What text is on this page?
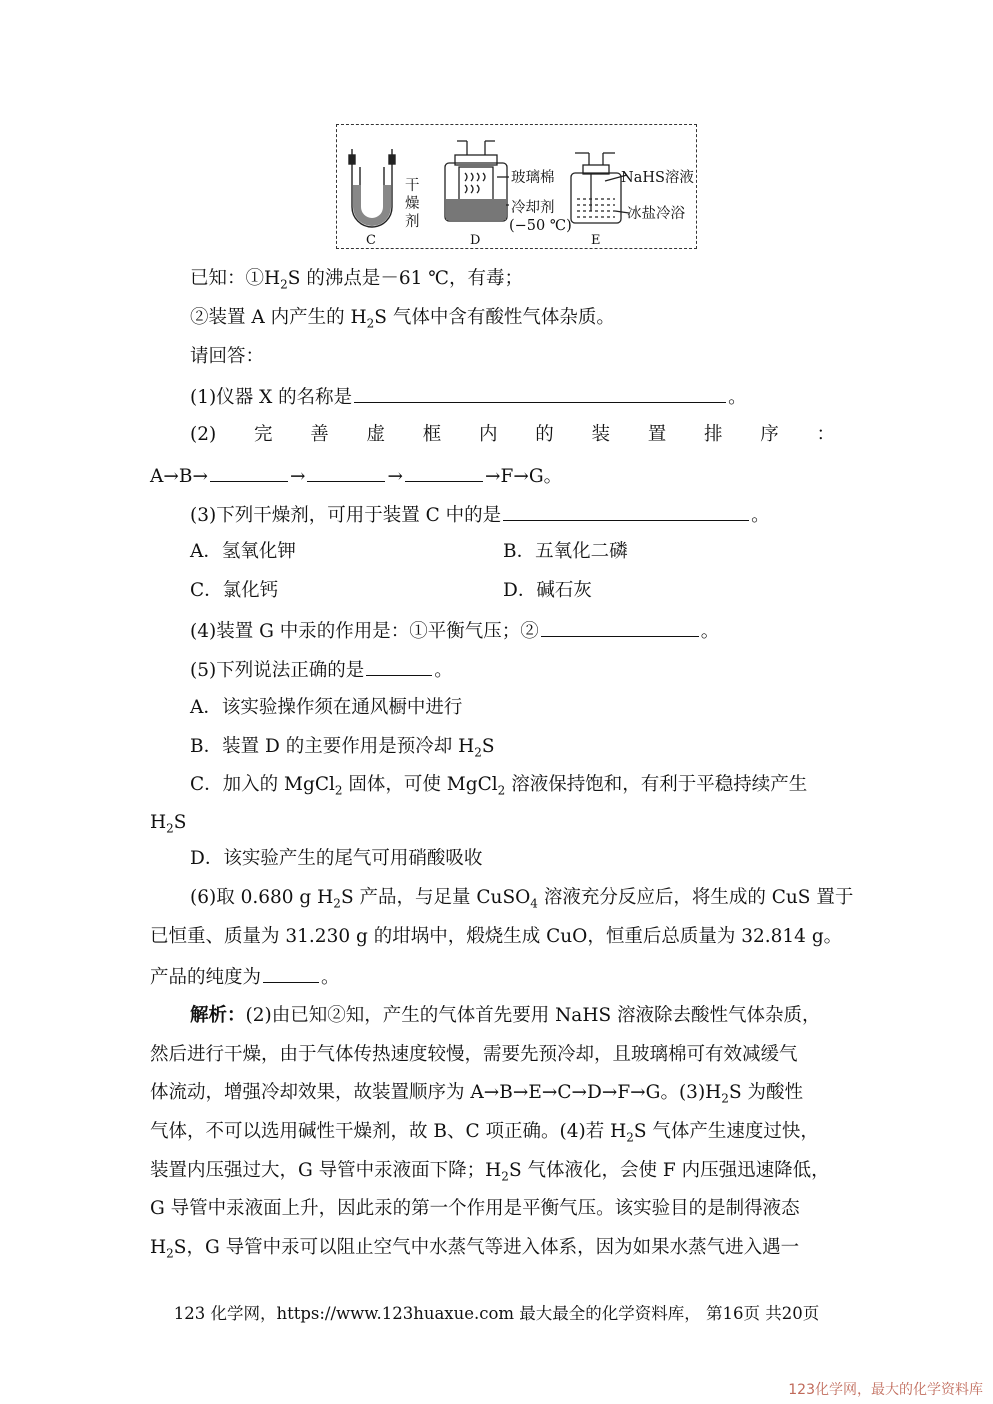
干燥剂
C
玻璃棉
冷却剂
(−50 ℃)
D
NaHS溶液
冰盐冷浴
E
已知：$①H_2S$ 的沸点是－61 ℃，有毒；
②装置 A 内产生的 $H_2S$ 气体中含有酸性气体杂质。
请回答：
(1)仪器 X 的名称是	。
(2) 完 善 虚 框 内 的 装 置 排 序 ：
A→B→	→	→	→F→G。
(3)下列干燥剂，可用于装置 C 中的是	。
A．氢氧化钾	B．五氧化二磷
C．氯化钙	D．碱石灰
(4)装置 G 中汞的作用是：①平衡气压；②	。
(5)下列说法正确的是	。
A．该实验操作须在通风橱中进行
B．装置 D 的主要作用是预冷却 $H_2S$
C．加入的 MgCl$_2$ 固体，可使 MgCl$_2$ 溶液保持饱和，有利于平稳持续产生
$H_2S$
D．该实验产生的尾气可用硝酸吸收
(6)取 0.680 g $H_2S$ 产品，与足量 CuSO$_4$ 溶液充分反应后，将生成的 CuS 置于
已恒重、质量为 31.230 g 的坩埚中，煅烧生成 CuO，恒重后总质量为 32.814 g。
产品的纯度为	。
解析：(2)由已知②知，产生的气体首先要用 NaHS 溶液除去酸性气体杂质，
然后进行干燥，由于气体传热速度较慢，需要先预冷却，且玻璃棉可有效减缓气
体流动，增强冷却效果，故装置顺序为 A→B→E→C→D→F→G。$(3)H_2S$ 为酸性
气体，不可以选用碱性干燥剂，故 B、C 项正确。(4)若 $H_2S$ 气体产生速度过快，
装置内压强过大，G 导管中汞液面下降；$H_2S$ 气体液化，会使 F 内压强迅速降低，
G 导管中汞液面上升，因此汞的第一个作用是平衡气压。该实验目的是制得液态
$H_2S$，G 导管中汞可以阻止空气中水蒸气等进入体系，因为如果水蒸气进入遇一
123 化学网，https://www.123huaxue.com 最大最全的化学资料库， 第16页 共20页
123化学网，最大的化学资料库
